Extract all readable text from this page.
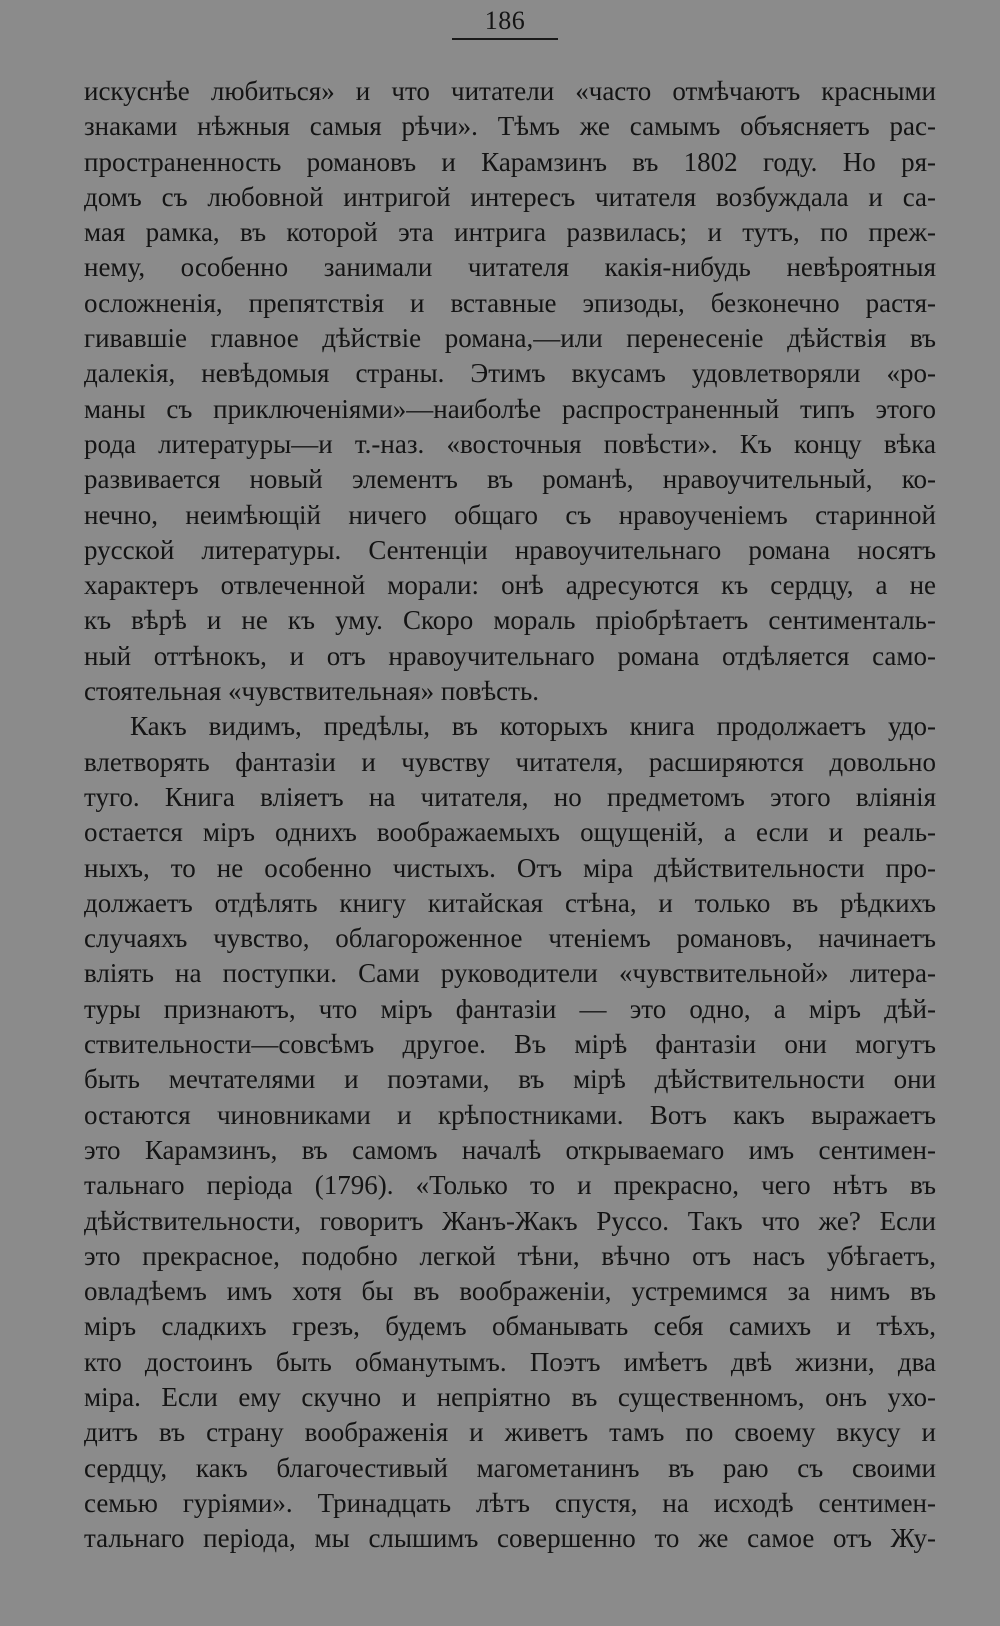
186
искуснѣе любиться» и что читатели «часто отмѣчаютъ красными
знаками нѣжныя самыя рѣчи». Тѣмъ же самымъ объясняетъ рас-
пространенность романовъ и Карамзинъ въ 1802 году. Но ря-
домъ съ любовной интригой интересъ читателя возбуждала и са-
мая рамка, въ которой эта интрига развилась; и тутъ, по преж-
нему, особенно занимали читателя какія-нибудь невѣроятныя
осложненія, препятствія и вставные эпизоды, безконечно растя-
гивавшіе главное дѣйствіе романа,—или перенесеніе дѣйствія въ
далекія, невѣдомыя страны. Этимъ вкусамъ удовлетворяли «ро-
маны съ приключеніями»—наиболѣе распространенный типъ этого
рода литературы—и т.-наз. «восточныя повѣсти». Къ концу вѣка
развивается новый элементъ въ романѣ, нравоучительный, ко-
нечно, неимѣющій ничего общаго съ нравоученіемъ старинной
русской литературы. Сентенціи нравоучительнаго романа носятъ
характеръ отвлеченной морали: онѣ адресуются къ сердцу, а не
къ вѣрѣ и не къ уму. Скоро мораль пріобрѣтаетъ сентименталь-
ный оттѣнокъ, и отъ нравоучительнаго романа отдѣляется само-
стоятельная «чувствительная» повѣсть.
Какъ видимъ, предѣлы, въ которыхъ книга продолжаетъ удо-
влетворять фантазіи и чувству читателя, расширяются довольно
туго. Книга вліяетъ на читателя, но предметомъ этого вліянія
остается міръ однихъ воображаемыхъ ощущеній, а если и реаль-
ныхъ, то не особенно чистыхъ. Отъ міра дѣйствительности про-
должаетъ отдѣлять книгу китайская стѣна, и только въ рѣдкихъ
случаяхъ чувство, облагороженное чтеніемъ романовъ, начинаетъ
вліять на поступки. Сами руководители «чувствительной» литера-
туры признаютъ, что міръ фантазіи — это одно, а міръ дѣй-
ствительности—совсѣмъ другое. Въ мірѣ фантазіи они могутъ
быть мечтателями и поэтами, въ мірѣ дѣйствительности они
остаются чиновниками и крѣпостниками. Вотъ какъ выражаетъ
это Карамзинъ, въ самомъ началѣ открываемаго имъ сентимен-
тальнаго періода (1796). «Только то и прекрасно, чего нѣтъ въ
дѣйствительности, говоритъ Жанъ-Жакъ Руссо. Такъ что же? Если
это прекрасное, подобно легкой тѣни, вѣчно отъ насъ убѣгаетъ,
овладѣемъ имъ хотя бы въ воображеніи, устремимся за нимъ въ
міръ сладкихъ грезъ, будемъ обманывать себя самихъ и тѣхъ,
кто достоинъ быть обманутымъ. Поэтъ имѣетъ двѣ жизни, два
міра. Если ему скучно и непріятно въ существенномъ, онъ ухо-
дитъ въ страну воображенія и живетъ тамъ по своему вкусу и
сердцу, какъ благочестивый магометанинъ въ раю съ своими
семью гуріями». Тринадцать лѣтъ спустя, на исходѣ сентимен-
тальнаго періода, мы слышимъ совершенно то же самое отъ Жу-
